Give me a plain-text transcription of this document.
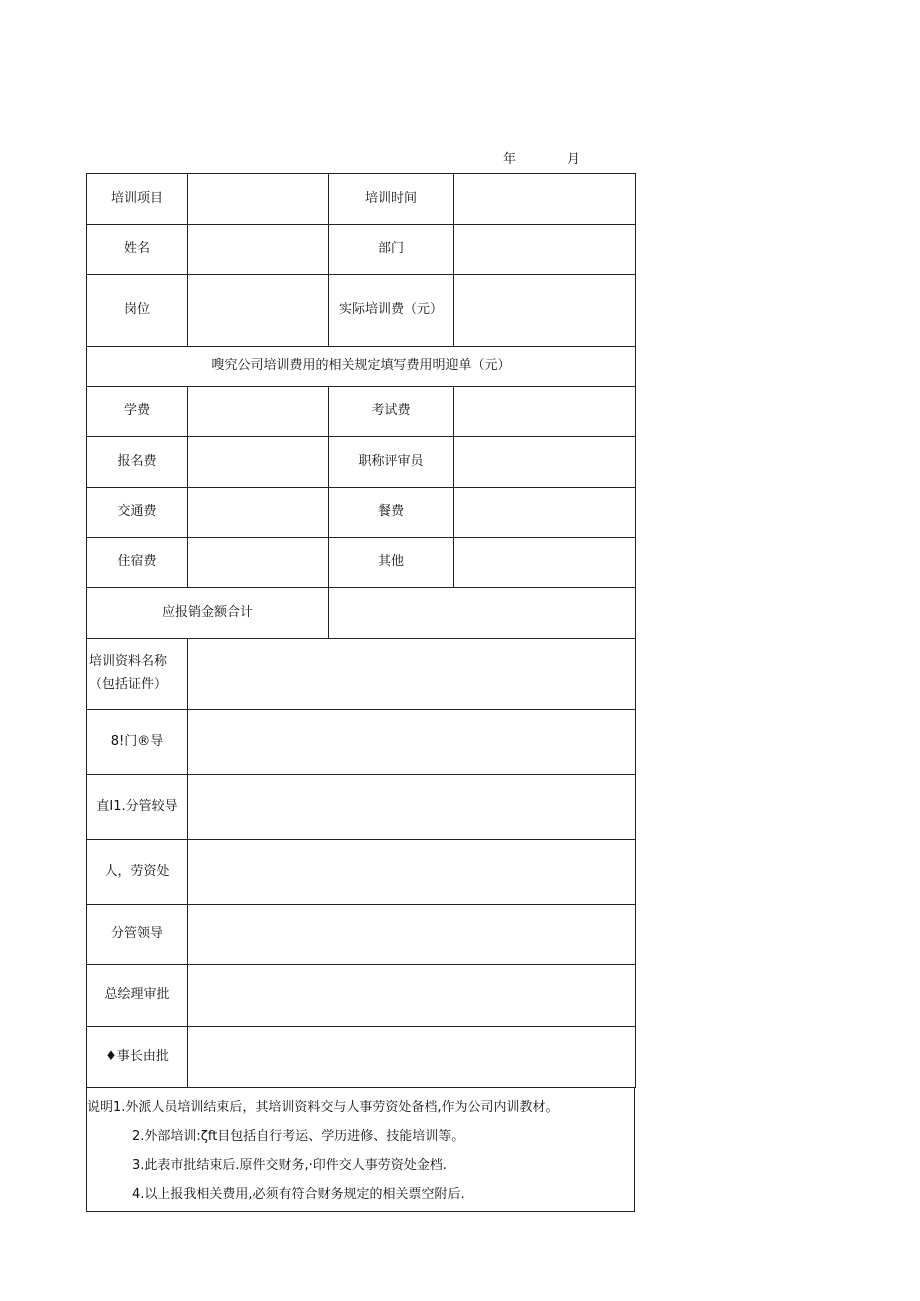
年	月
培训项目		培训时间	
姓名		部门	
岗位		实际培训费（元）	
嗖究公司培训费用的相关规定填写费用明迎单（元）			
学费		考试费	
报名费		职称评审员	
交通费		餐费	
住宿费		其他	
应报销金额合计			
培训资料名称（包括证件）			
8!门®导			
直I1.分管较导			
人，劳资处			
分管领导			
总绘理审批			
♦事长由批			
说明1.外派人员培训结束后，其培训资料交与人事劳资处备档,作为公司内训教材。
2.外部培训:ζft目包括自行考运、学历进修、技能培训等。
3.此表市批结束后.原件交财务,·印件交人事劳资处金档.
4.以上报我相关费用,必须有符合财务规定的相关票空附后.
